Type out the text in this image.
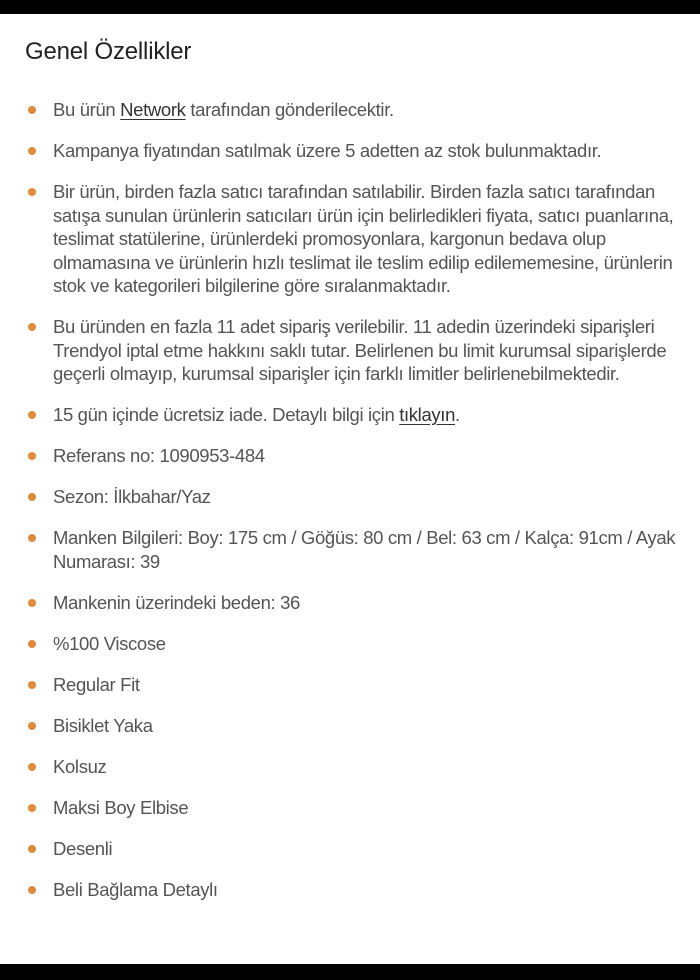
Genel Özellikler
Bu ürün Network tarafından gönderilecektir.
Kampanya fiyatından satılmak üzere 5 adetten az stok bulunmaktadır.
Bir ürün, birden fazla satıcı tarafından satılabilir. Birden fazla satıcı tarafından satışa sunulan ürünlerin satıcıları ürün için belirledikleri fiyata, satıcı puanlarına, teslimat statülerine, ürünlerdeki promosyonlara, kargonun bedava olup olmamasına ve ürünlerin hızlı teslimat ile teslim edilip edilememesine, ürünlerin stok ve kategorileri bilgilerine göre sıralanmaktadır.
Bu üründen en fazla 11 adet sipariş verilebilir. 11 adedin üzerindeki siparişleri Trendyol iptal etme hakkını saklı tutar. Belirlenen bu limit kurumsal siparişlerde geçerli olmayıp, kurumsal siparişler için farklı limitler belirlenebilmektedir.
15 gün içinde ücretsiz iade. Detaylı bilgi için tıklayın.
Referans no: 1090953-484
Sezon: İlkbahar/Yaz
Manken Bilgileri: Boy: 175 cm / Göğüs: 80 cm / Bel: 63 cm / Kalça: 91cm / Ayak Numarası: 39
Mankenin üzerindeki beden: 36
%100 Viscose
Regular Fit
Bisiklet Yaka
Kolsuz
Maksi Boy Elbise
Desenli
Beli Bağlama Detaylı
